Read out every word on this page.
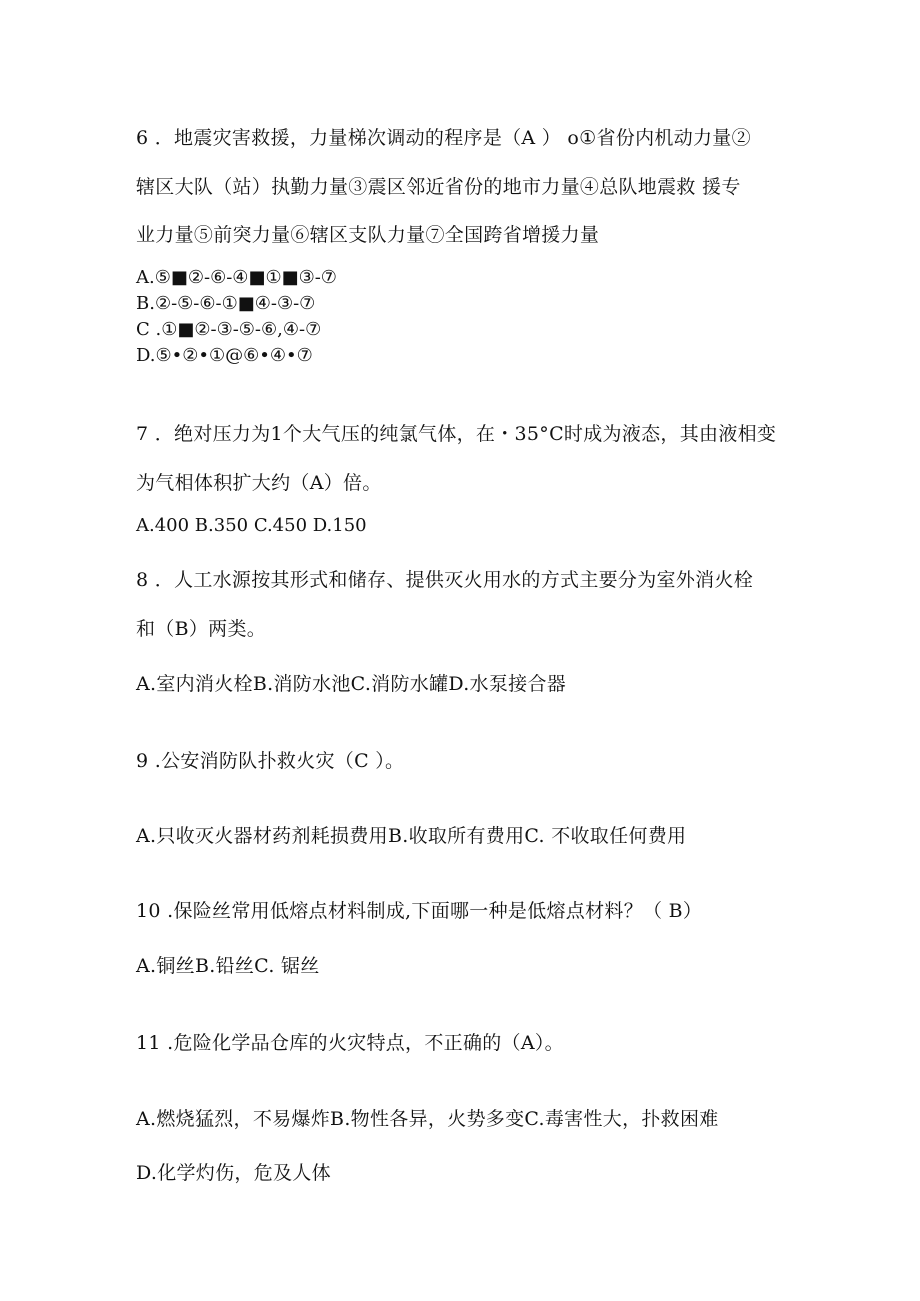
6 ．地震灾害救援，力量梯次调动的程序是（A ） o①省份内机动力量②
辖区大队（站）执勤力量③震区邻近省份的地市力量④总队地震救 援专
业力量⑤前突力量⑥辖区支队力量⑦全国跨省增援力量
A.⑤■②-⑥-④■①■③-⑦
B.②-⑤-⑥-①■④-③-⑦
C .①■②-③-⑤-⑥,④-⑦
D.⑤•②•①@⑥•④•⑦
7 ．绝对压力为1个大气压的纯氯气体，在・35°C时成为液态，其由液相变
为气相体积扩大约（A）倍。
A.400 B.350 C.450 D.150
8 ．人工水源按其形式和储存、提供灭火用水的方式主要分为室外消火栓
和（B）两类。
A.室内消火栓B.消防水池C.消防水罐D.水泵接合器
9 .公安消防队扑救火灾（C ）。
A.只收灭火器材药剂耗损费用B.收取所有费用C. 不收取任何费用
10 .保险丝常用低熔点材料制成,下面哪一种是低熔点材料？（ B）
A.铜丝B.铅丝C. 锯丝
11 .危险化学品仓库的火灾特点，不正确的（A）。
A.燃烧猛烈，不易爆炸B.物性各异，火势多变C.毒害性大，扑救困难
D.化学灼伤，危及人体
